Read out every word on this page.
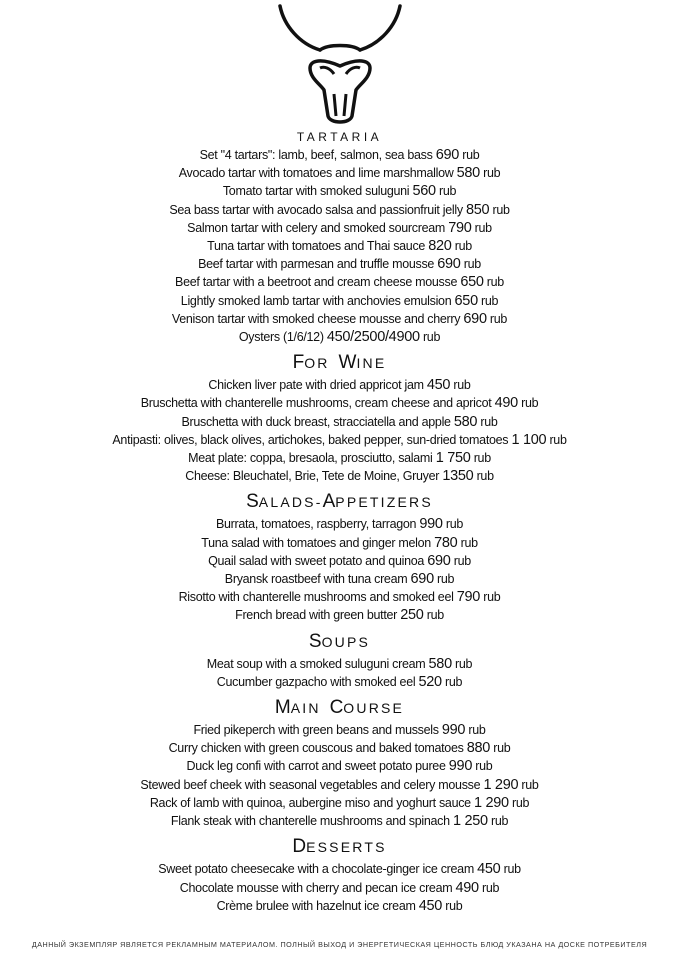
TARTARIA
Set "4 tartars": lamb, beef, salmon, sea bass 690 rub
Avocado tartar with tomatoes and lime marshmallow 580 rub
Tomato tartar with smoked suluguni 560 rub
Sea bass tartar with avocado salsa and passionfruit jelly 850 rub
Salmon tartar with celery and smoked sourcream 790 rub
Tuna tartar with tomatoes and Thai sauce 820 rub
Beef tartar with parmesan and truffle mousse 690 rub
Beef tartar with a beetroot and cream cheese mousse 650 rub
Lightly smoked lamb tartar with anchovies emulsion 650 rub
Venison tartar with smoked cheese mousse and cherry 690 rub
Oysters (1/6/12) 450/2500/4900 rub
FOR WINE
Chicken liver pate with dried appricot jam 450 rub
Bruschetta with chanterelle mushrooms, cream cheese and apricot 490 rub
Bruschetta with duck breast, stracciatella and apple 580 rub
Antipasti: olives, black olives, artichokes, baked pepper, sun-dried tomatoes 1 100 rub
Meat plate: coppa, bresaola, prosciutto, salami 1 750 rub
Cheese: Bleuchatel, Brie, Tete de Moine, Gruyer 1350 rub
SALADS-APPETIZERS
Burrata, tomatoes, raspberry, tarragon 990 rub
Tuna salad with tomatoes and ginger melon 780 rub
Quail salad with sweet potato and quinoa 690 rub
Bryansk roastbeef with tuna cream 690 rub
Risotto with chanterelle mushrooms and smoked eel 790 rub
French bread with green butter 250 rub
SOUPS
Meat soup with a smoked suluguni cream 580 rub
Cucumber gazpacho with smoked eel 520 rub
MAIN COURSE
Fried pikeperch with green beans and mussels 990 rub
Curry chicken with green couscous and baked tomatoes 880 rub
Duck leg confi with carrot and sweet potato puree 990 rub
Stewed beef cheek with seasonal vegetables and celery mousse 1 290 rub
Rack of lamb with quinoa, aubergine miso and yoghurt sauce 1 290 rub
Flank steak with chanterelle mushrooms and spinach 1 250 rub
DESSERTS
Sweet potato cheesecake with a chocolate-ginger ice cream 450 rub
Chocolate mousse with cherry and pecan ice cream 490 rub
Crème brulee with hazelnut ice cream 450 rub
ДАННЫЙ ЭКЗЕМПЛЯР ЯВЛЯЕТСЯ РЕКЛАМНЫМ МАТЕРИАЛОМ. ПОЛНЫЙ ВЫХОД И ЭНЕРГЕТИЧЕСКАЯ ЦЕННОСТЬ БЛЮД УКАЗАНА НА ДОСКЕ ПОТРЕБИТЕЛЯ
